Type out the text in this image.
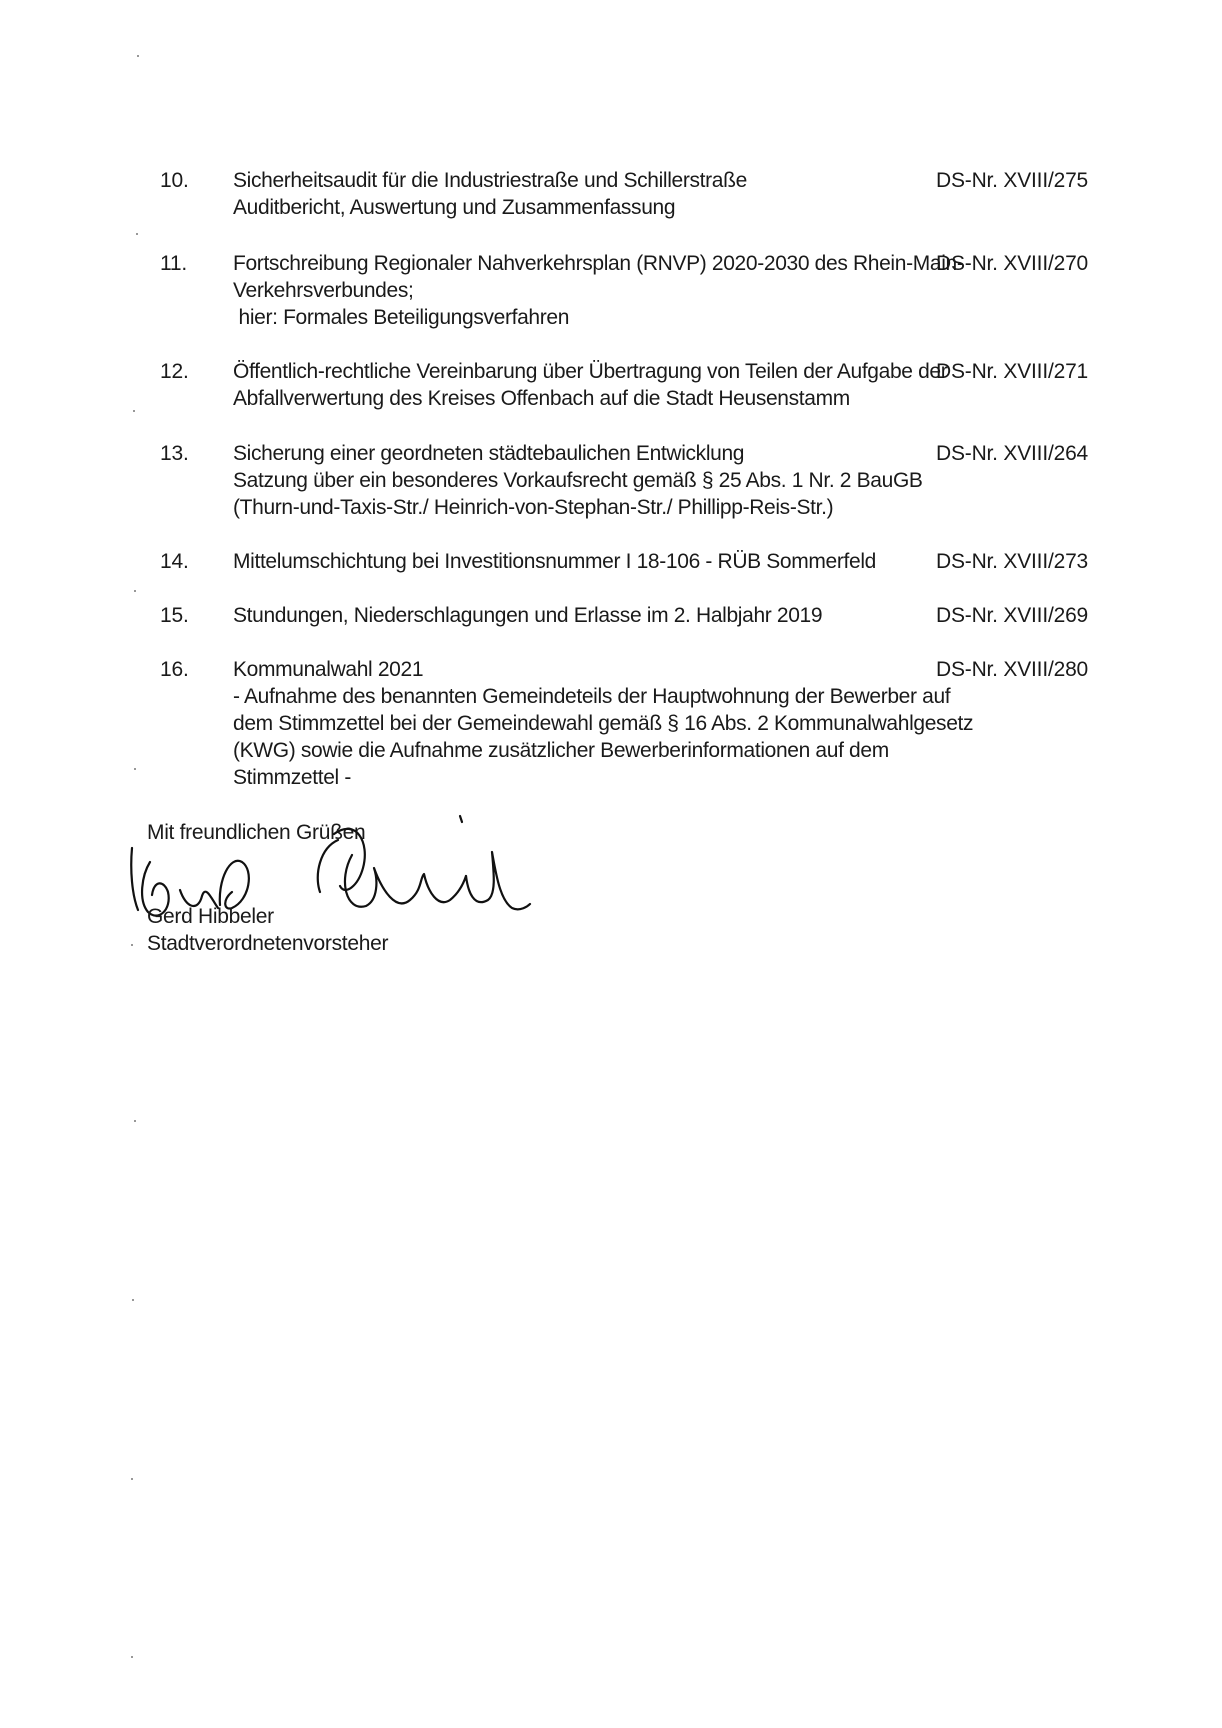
10. Sicherheitsaudit für die Industriestraße und Schillerstraße
Auditbericht, Auswertung und Zusammenfassung
DS-Nr. XVIII/275
11. Fortschreibung Regionaler Nahverkehrsplan (RNVP) 2020-2030 des Rhein-Main-
Verkehrsverbundes;
hier: Formales Beteiligungsverfahren
DS-Nr. XVIII/270
12. Öffentlich-rechtliche Vereinbarung über Übertragung von Teilen der Aufgabe der
Abfallverwertung des Kreises Offenbach auf die Stadt Heusenstamm
DS-Nr. XVIII/271
13. Sicherung einer geordneten städtebaulichen Entwicklung
Satzung über ein besonderes Vorkaufsrecht gemäß § 25 Abs. 1 Nr. 2 BauGB
(Thurn-und-Taxis-Str./ Heinrich-von-Stephan-Str./ Phillipp-Reis-Str.)
DS-Nr. XVIII/264
14. Mittelumschichtung bei Investitionsnummer I 18-106 - RÜB Sommerfeld	DS-Nr. XVIII/273
15. Stundungen, Niederschlagungen und Erlasse im 2. Halbjahr 2019	DS-Nr. XVIII/269
16. Kommunalwahl 2021
- Aufnahme des benannten Gemeindeteils der Hauptwohnung der Bewerber auf
dem Stimmzettel bei der Gemeindewahl gemäß § 16 Abs. 2 Kommunalwahlgesetz
(KWG) sowie die Aufnahme zusätzlicher Bewerberinformationen auf dem
Stimmzettel -
DS-Nr. XVIII/280
Mit freundlichen Grüßen
Gerd Hibbeler
Stadtverordnetenvorsteher
